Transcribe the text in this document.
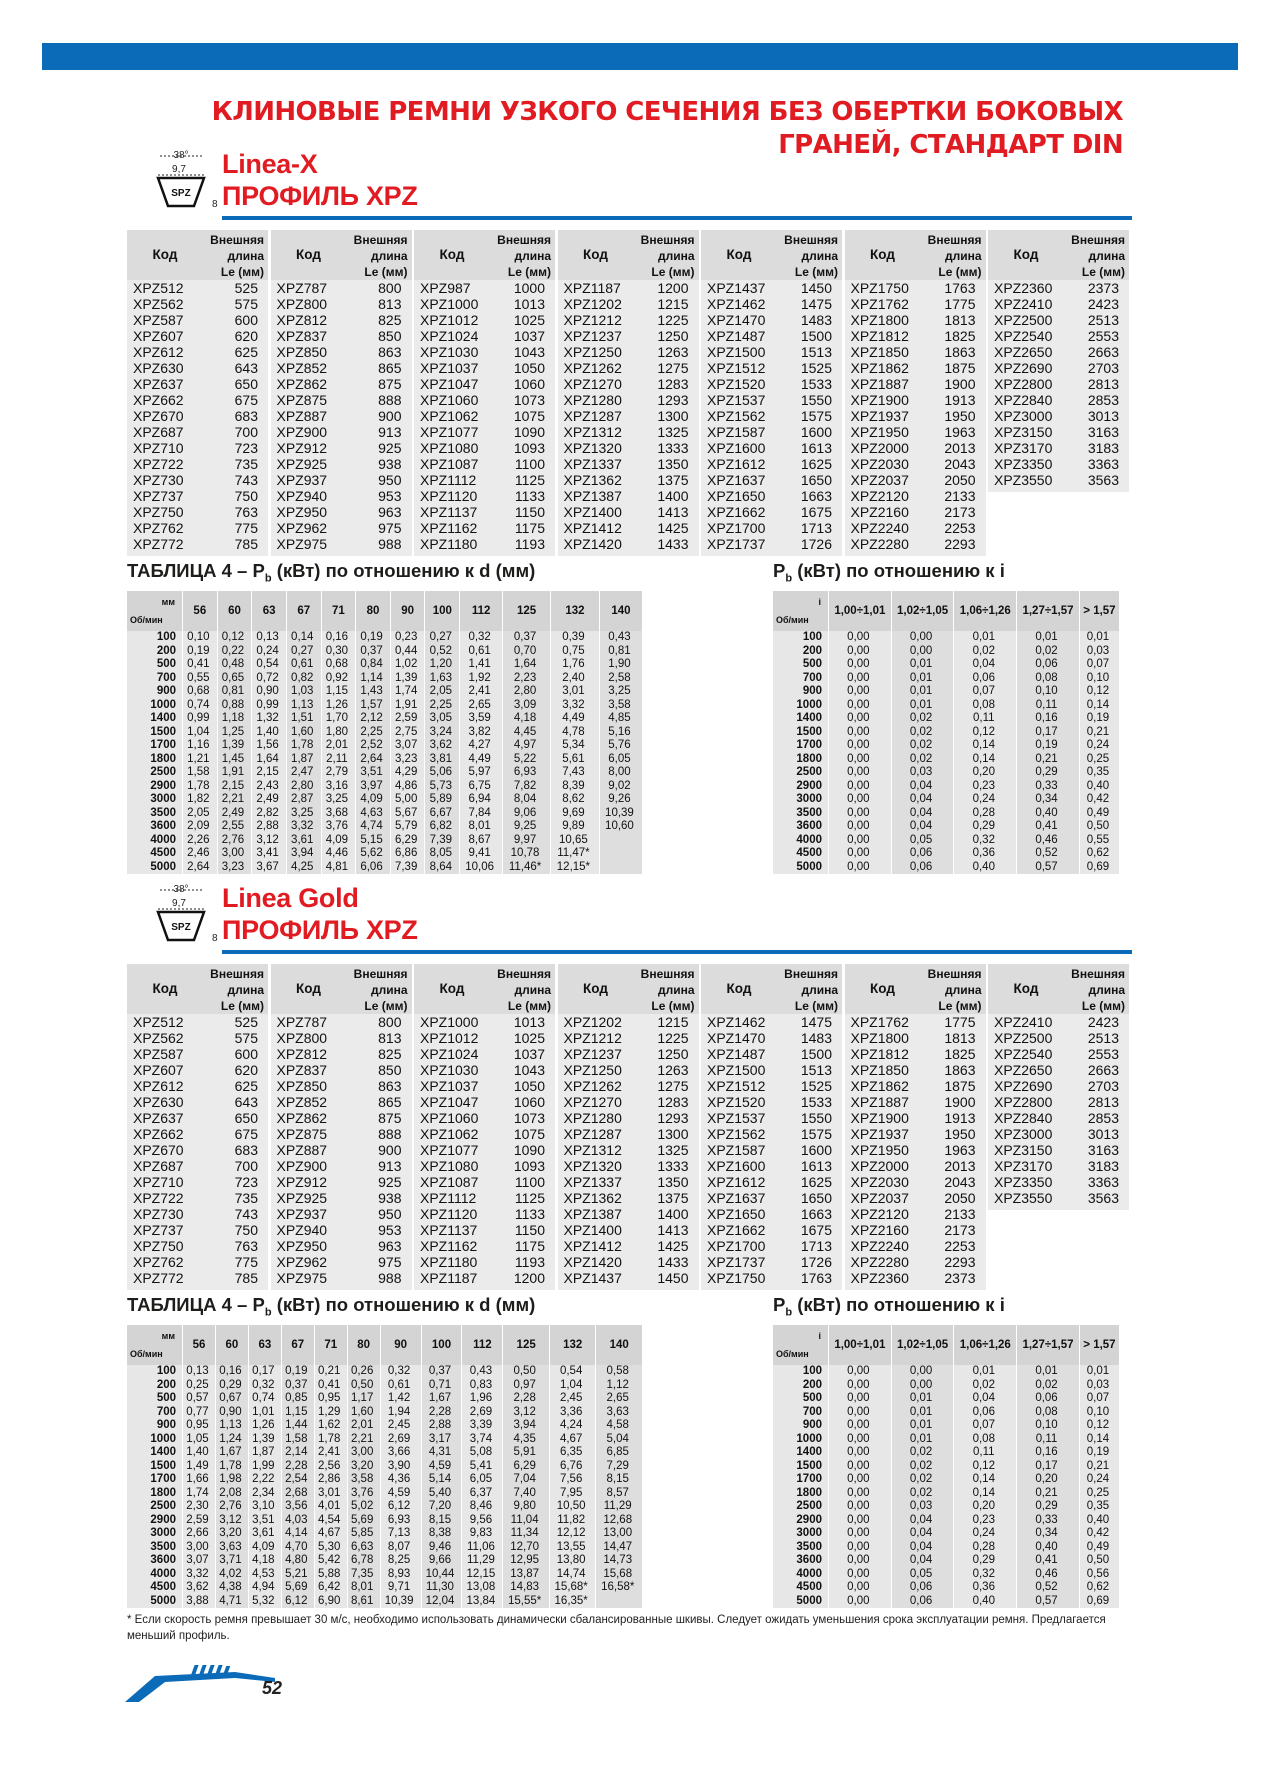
КЛИНОВЫЕ РЕМНИ УЗКОГО СЕЧЕНИЯ БЕЗ ОБЕРТКИ БОКОВЫХ
ГРАНЕЙ, СТАНДАРТ DIN
38°
9,7
SPZ
8
Linea-X
ПРОФИЛЬ XPZ
Код
Внешняя
длина
Le (мм)
XPZ512	525
XPZ562	575
XPZ587	600
XPZ607	620
XPZ612	625
XPZ630	643
XPZ637	650
XPZ662	675
XPZ670	683
XPZ687	700
XPZ710	723
XPZ722	735
XPZ730	743
XPZ737	750
XPZ750	763
XPZ762	775
XPZ772	785
Код
Внешняя
длина
Le (мм)
XPZ787	800
XPZ800	813
XPZ812	825
XPZ837	850
XPZ850	863
XPZ852	865
XPZ862	875
XPZ875	888
XPZ887	900
XPZ900	913
XPZ912	925
XPZ925	938
XPZ937	950
XPZ940	953
XPZ950	963
XPZ962	975
XPZ975	988
Код
Внешняя
длина
Le (мм)
XPZ987	1000
XPZ1000	1013
XPZ1012	1025
XPZ1024	1037
XPZ1030	1043
XPZ1037	1050
XPZ1047	1060
XPZ1060	1073
XPZ1062	1075
XPZ1077	1090
XPZ1080	1093
XPZ1087	1100
XPZ1112	1125
XPZ1120	1133
XPZ1137	1150
XPZ1162	1175
XPZ1180	1193
Код
Внешняя
длина
Le (мм)
XPZ1187	1200
XPZ1202	1215
XPZ1212	1225
XPZ1237	1250
XPZ1250	1263
XPZ1262	1275
XPZ1270	1283
XPZ1280	1293
XPZ1287	1300
XPZ1312	1325
XPZ1320	1333
XPZ1337	1350
XPZ1362	1375
XPZ1387	1400
XPZ1400	1413
XPZ1412	1425
XPZ1420	1433
Код
Внешняя
длина
Le (мм)
XPZ1437	1450
XPZ1462	1475
XPZ1470	1483
XPZ1487	1500
XPZ1500	1513
XPZ1512	1525
XPZ1520	1533
XPZ1537	1550
XPZ1562	1575
XPZ1587	1600
XPZ1600	1613
XPZ1612	1625
XPZ1637	1650
XPZ1650	1663
XPZ1662	1675
XPZ1700	1713
XPZ1737	1726
Код
Внешняя
длина
Le (мм)
XPZ1750	1763
XPZ1762	1775
XPZ1800	1813
XPZ1812	1825
XPZ1850	1863
XPZ1862	1875
XPZ1887	1900
XPZ1900	1913
XPZ1937	1950
XPZ1950	1963
XPZ2000	2013
XPZ2030	2043
XPZ2037	2050
XPZ2120	2133
XPZ2160	2173
XPZ2240	2253
XPZ2280	2293
Код
Внешняя
длина
Le (мм)
XPZ2360	2373
XPZ2410	2423
XPZ2500	2513
XPZ2540	2553
XPZ2650	2663
XPZ2690	2703
XPZ2800	2813
XPZ2840	2853
XPZ3000	3013
XPZ3150	3163
XPZ3170	3183
XPZ3350	3363
XPZ3550	3563
ТАБЛИЦА $4 - P_b$ (кВт) по отношению к d (мм)	$P_b$ (кВт) по отношению к i
мм
Об/мин	56	60	63	67	71	80	90	100	112	125	132	140
100	0,10	0,12	0,13	0,14	0,16	0,19	0,23	0,27	0,32	0,37	0,39	0,43
200	0,19	0,22	0,24	0,27	0,30	0,37	0,44	0,52	0,61	0,70	0,75	0,81
500	0,41	0,48	0,54	0,61	0,68	0,84	1,02	1,20	1,41	1,64	1,76	1,90
700	0,55	0,65	0,72	0,82	0,92	1,14	1,39	1,63	1,92	2,23	2,40	2,58
900	0,68	0,81	0,90	1,03	1,15	1,43	1,74	2,05	2,41	2,80	3,01	3,25
1000	0,74	0,88	0,99	1,13	1,26	1,57	1,91	2,25	2,65	3,09	3,32	3,58
1400	0,99	1,18	1,32	1,51	1,70	2,12	2,59	3,05	3,59	4,18	4,49	4,85
1500	1,04	1,25	1,40	1,60	1,80	2,25	2,75	3,24	3,82	4,45	4,78	5,16
1700	1,16	1,39	1,56	1,78	2,01	2,52	3,07	3,62	4,27	4,97	5,34	5,76
1800	1,21	1,45	1,64	1,87	2,11	2,64	3,23	3,81	4,49	5,22	5,61	6,05
2500	1,58	1,91	2,15	2,47	2,79	3,51	4,29	5,06	5,97	6,93	7,43	8,00
2900	1,78	2,15	2,43	2,80	3,16	3,97	4,86	5,73	6,75	7,82	8,39	9,02
3000	1,82	2,21	2,49	2,87	3,25	4,09	5,00	5,89	6,94	8,04	8,62	9,26
3500	2,05	2,49	2,82	3,25	3,68	4,63	5,67	6,67	7,84	9,06	9,69	10,39
3600	2,09	2,55	2,88	3,32	3,76	4,74	5,79	6,82	8,01	9,25	9,89	10,60
4000	2,26	2,76	3,12	3,61	4,09	5,15	6,29	7,39	8,67	9,97	10,65	
4500	2,46	3,00	3,41	3,94	4,46	5,62	6,86	8,05	9,41	10,78	11,47*	
5000	2,64	3,23	3,67	4,25	4,81	6,06	7,39	8,64	10,06	11,46*	12,15*	
i
Об/мин	1,00÷1,01	1,02÷1,05	1,06÷1,26	1,27÷1,57	> 1,57
100	0,00	0,00	0,01	0,01	0,01
200	0,00	0,00	0,02	0,02	0,03
500	0,00	0,01	0,04	0,06	0,07
700	0,00	0,01	0,06	0,08	0,10
900	0,00	0,01	0,07	0,10	0,12
1000	0,00	0,01	0,08	0,11	0,14
1400	0,00	0,02	0,11	0,16	0,19
1500	0,00	0,02	0,12	0,17	0,21
1700	0,00	0,02	0,14	0,19	0,24
1800	0,00	0,02	0,14	0,21	0,25
2500	0,00	0,03	0,20	0,29	0,35
2900	0,00	0,04	0,23	0,33	0,40
3000	0,00	0,04	0,24	0,34	0,42
3500	0,00	0,04	0,28	0,40	0,49
3600	0,00	0,04	0,29	0,41	0,50
4000	0,00	0,05	0,32	0,46	0,55
4500	0,00	0,06	0,36	0,52	0,62
5000	0,00	0,06	0,40	0,57	0,69
38°
9,7
SPZ
8
Linea Gold
ПРОФИЛЬ XPZ
Код
Внешняя
длина
Le (мм)
XPZ512	525
XPZ562	575
XPZ587	600
XPZ607	620
XPZ612	625
XPZ630	643
XPZ637	650
XPZ662	675
XPZ670	683
XPZ687	700
XPZ710	723
XPZ722	735
XPZ730	743
XPZ737	750
XPZ750	763
XPZ762	775
XPZ772	785
Код
Внешняя
длина
Le (мм)
XPZ787	800
XPZ800	813
XPZ812	825
XPZ837	850
XPZ850	863
XPZ852	865
XPZ862	875
XPZ875	888
XPZ887	900
XPZ900	913
XPZ912	925
XPZ925	938
XPZ937	950
XPZ940	953
XPZ950	963
XPZ962	975
XPZ975	988
Код
Внешняя
длина
Le (мм)
XPZ1000	1013
XPZ1012	1025
XPZ1024	1037
XPZ1030	1043
XPZ1037	1050
XPZ1047	1060
XPZ1060	1073
XPZ1062	1075
XPZ1077	1090
XPZ1080	1093
XPZ1087	1100
XPZ1112	1125
XPZ1120	1133
XPZ1137	1150
XPZ1162	1175
XPZ1180	1193
XPZ1187	1200
Код
Внешняя
длина
Le (мм)
XPZ1202	1215
XPZ1212	1225
XPZ1237	1250
XPZ1250	1263
XPZ1262	1275
XPZ1270	1283
XPZ1280	1293
XPZ1287	1300
XPZ1312	1325
XPZ1320	1333
XPZ1337	1350
XPZ1362	1375
XPZ1387	1400
XPZ1400	1413
XPZ1412	1425
XPZ1420	1433
XPZ1437	1450
Код
Внешняя
длина
Le (мм)
XPZ1462	1475
XPZ1470	1483
XPZ1487	1500
XPZ1500	1513
XPZ1512	1525
XPZ1520	1533
XPZ1537	1550
XPZ1562	1575
XPZ1587	1600
XPZ1600	1613
XPZ1612	1625
XPZ1637	1650
XPZ1650	1663
XPZ1662	1675
XPZ1700	1713
XPZ1737	1726
XPZ1750	1763
Код
Внешняя
длина
Le (мм)
XPZ1762	1775
XPZ1800	1813
XPZ1812	1825
XPZ1850	1863
XPZ1862	1875
XPZ1887	1900
XPZ1900	1913
XPZ1937	1950
XPZ1950	1963
XPZ2000	2013
XPZ2030	2043
XPZ2037	2050
XPZ2120	2133
XPZ2160	2173
XPZ2240	2253
XPZ2280	2293
XPZ2360	2373
Код
Внешняя
длина
Le (мм)
XPZ2410	2423
XPZ2500	2513
XPZ2540	2553
XPZ2650	2663
XPZ2690	2703
XPZ2800	2813
XPZ2840	2853
XPZ3000	3013
XPZ3150	3163
XPZ3170	3183
XPZ3350	3363
XPZ3550	3563
ТАБЛИЦА $4 - P_b$ (кВт) по отношению к d (мм)	$P_b$ (кВт) по отношению к i
мм
Об/мин	56	60	63	67	71	80	90	100	112	125	132	140
100	0,13	0,16	0,17	0,19	0,21	0,26	0,32	0,37	0,43	0,50	0,54	0,58
200	0,25	0,29	0,32	0,37	0,41	0,50	0,61	0,71	0,83	0,97	1,04	1,12
500	0,57	0,67	0,74	0,85	0,95	1,17	1,42	1,67	1,96	2,28	2,45	2,65
700	0,77	0,90	1,01	1,15	1,29	1,60	1,94	2,28	2,69	3,12	3,36	3,63
900	0,95	1,13	1,26	1,44	1,62	2,01	2,45	2,88	3,39	3,94	4,24	4,58
1000	1,05	1,24	1,39	1,58	1,78	2,21	2,69	3,17	3,74	4,35	4,67	5,04
1400	1,40	1,67	1,87	2,14	2,41	3,00	3,66	4,31	5,08	5,91	6,35	6,85
1500	1,49	1,78	1,99	2,28	2,56	3,20	3,90	4,59	5,41	6,29	6,76	7,29
1700	1,66	1,98	2,22	2,54	2,86	3,58	4,36	5,14	6,05	7,04	7,56	8,15
1800	1,74	2,08	2,34	2,68	3,01	3,76	4,59	5,40	6,37	7,40	7,95	8,57
2500	2,30	2,76	3,10	3,56	4,01	5,02	6,12	7,20	8,46	9,80	10,50	11,29
2900	2,59	3,12	3,51	4,03	4,54	5,69	6,93	8,15	9,56	11,04	11,82	12,68
3000	2,66	3,20	3,61	4,14	4,67	5,85	7,13	8,38	9,83	11,34	12,12	13,00
3500	3,00	3,63	4,09	4,70	5,30	6,63	8,07	9,46	11,06	12,70	13,55	14,47
3600	3,07	3,71	4,18	4,80	5,42	6,78	8,25	9,66	11,29	12,95	13,80	14,73
4000	3,32	4,02	4,53	5,21	5,88	7,35	8,93	10,44	12,15	13,87	14,74	15,68
4500	3,62	4,38	4,94	5,69	6,42	8,01	9,71	11,30	13,08	14,83	15,68*	16,58*
5000	3,88	4,71	5,32	6,12	6,90	8,61	10,39	12,04	13,84	15,55*	16,35*	
i
Об/мин	1,00÷1,01	1,02÷1,05	1,06÷1,26	1,27÷1,57	> 1,57
100	0,00	0,00	0,01	0,01	0,01
200	0,00	0,00	0,02	0,02	0,03
500	0,00	0,01	0,04	0,06	0,07
700	0,00	0,01	0,06	0,08	0,10
900	0,00	0,01	0,07	0,10	0,12
1000	0,00	0,01	0,08	0,11	0,14
1400	0,00	0,02	0,11	0,16	0,19
1500	0,00	0,02	0,12	0,17	0,21
1700	0,00	0,02	0,14	0,20	0,24
1800	0,00	0,02	0,14	0,21	0,25
2500	0,00	0,03	0,20	0,29	0,35
2900	0,00	0,04	0,23	0,33	0,40
3000	0,00	0,04	0,24	0,34	0,42
3500	0,00	0,04	0,28	0,40	0,49
3600	0,00	0,04	0,29	0,41	0,50
4000	0,00	0,05	0,32	0,46	0,56
4500	0,00	0,06	0,36	0,52	0,62
5000	0,00	0,06	0,40	0,57	0,69
* Если скорость ремня превышает 30 м/с, необходимо использовать динамически сбалансированные шкивы. Следует ожидать уменьшения срока эксплуатации ремня. Предлагается меньший профиль.
52
